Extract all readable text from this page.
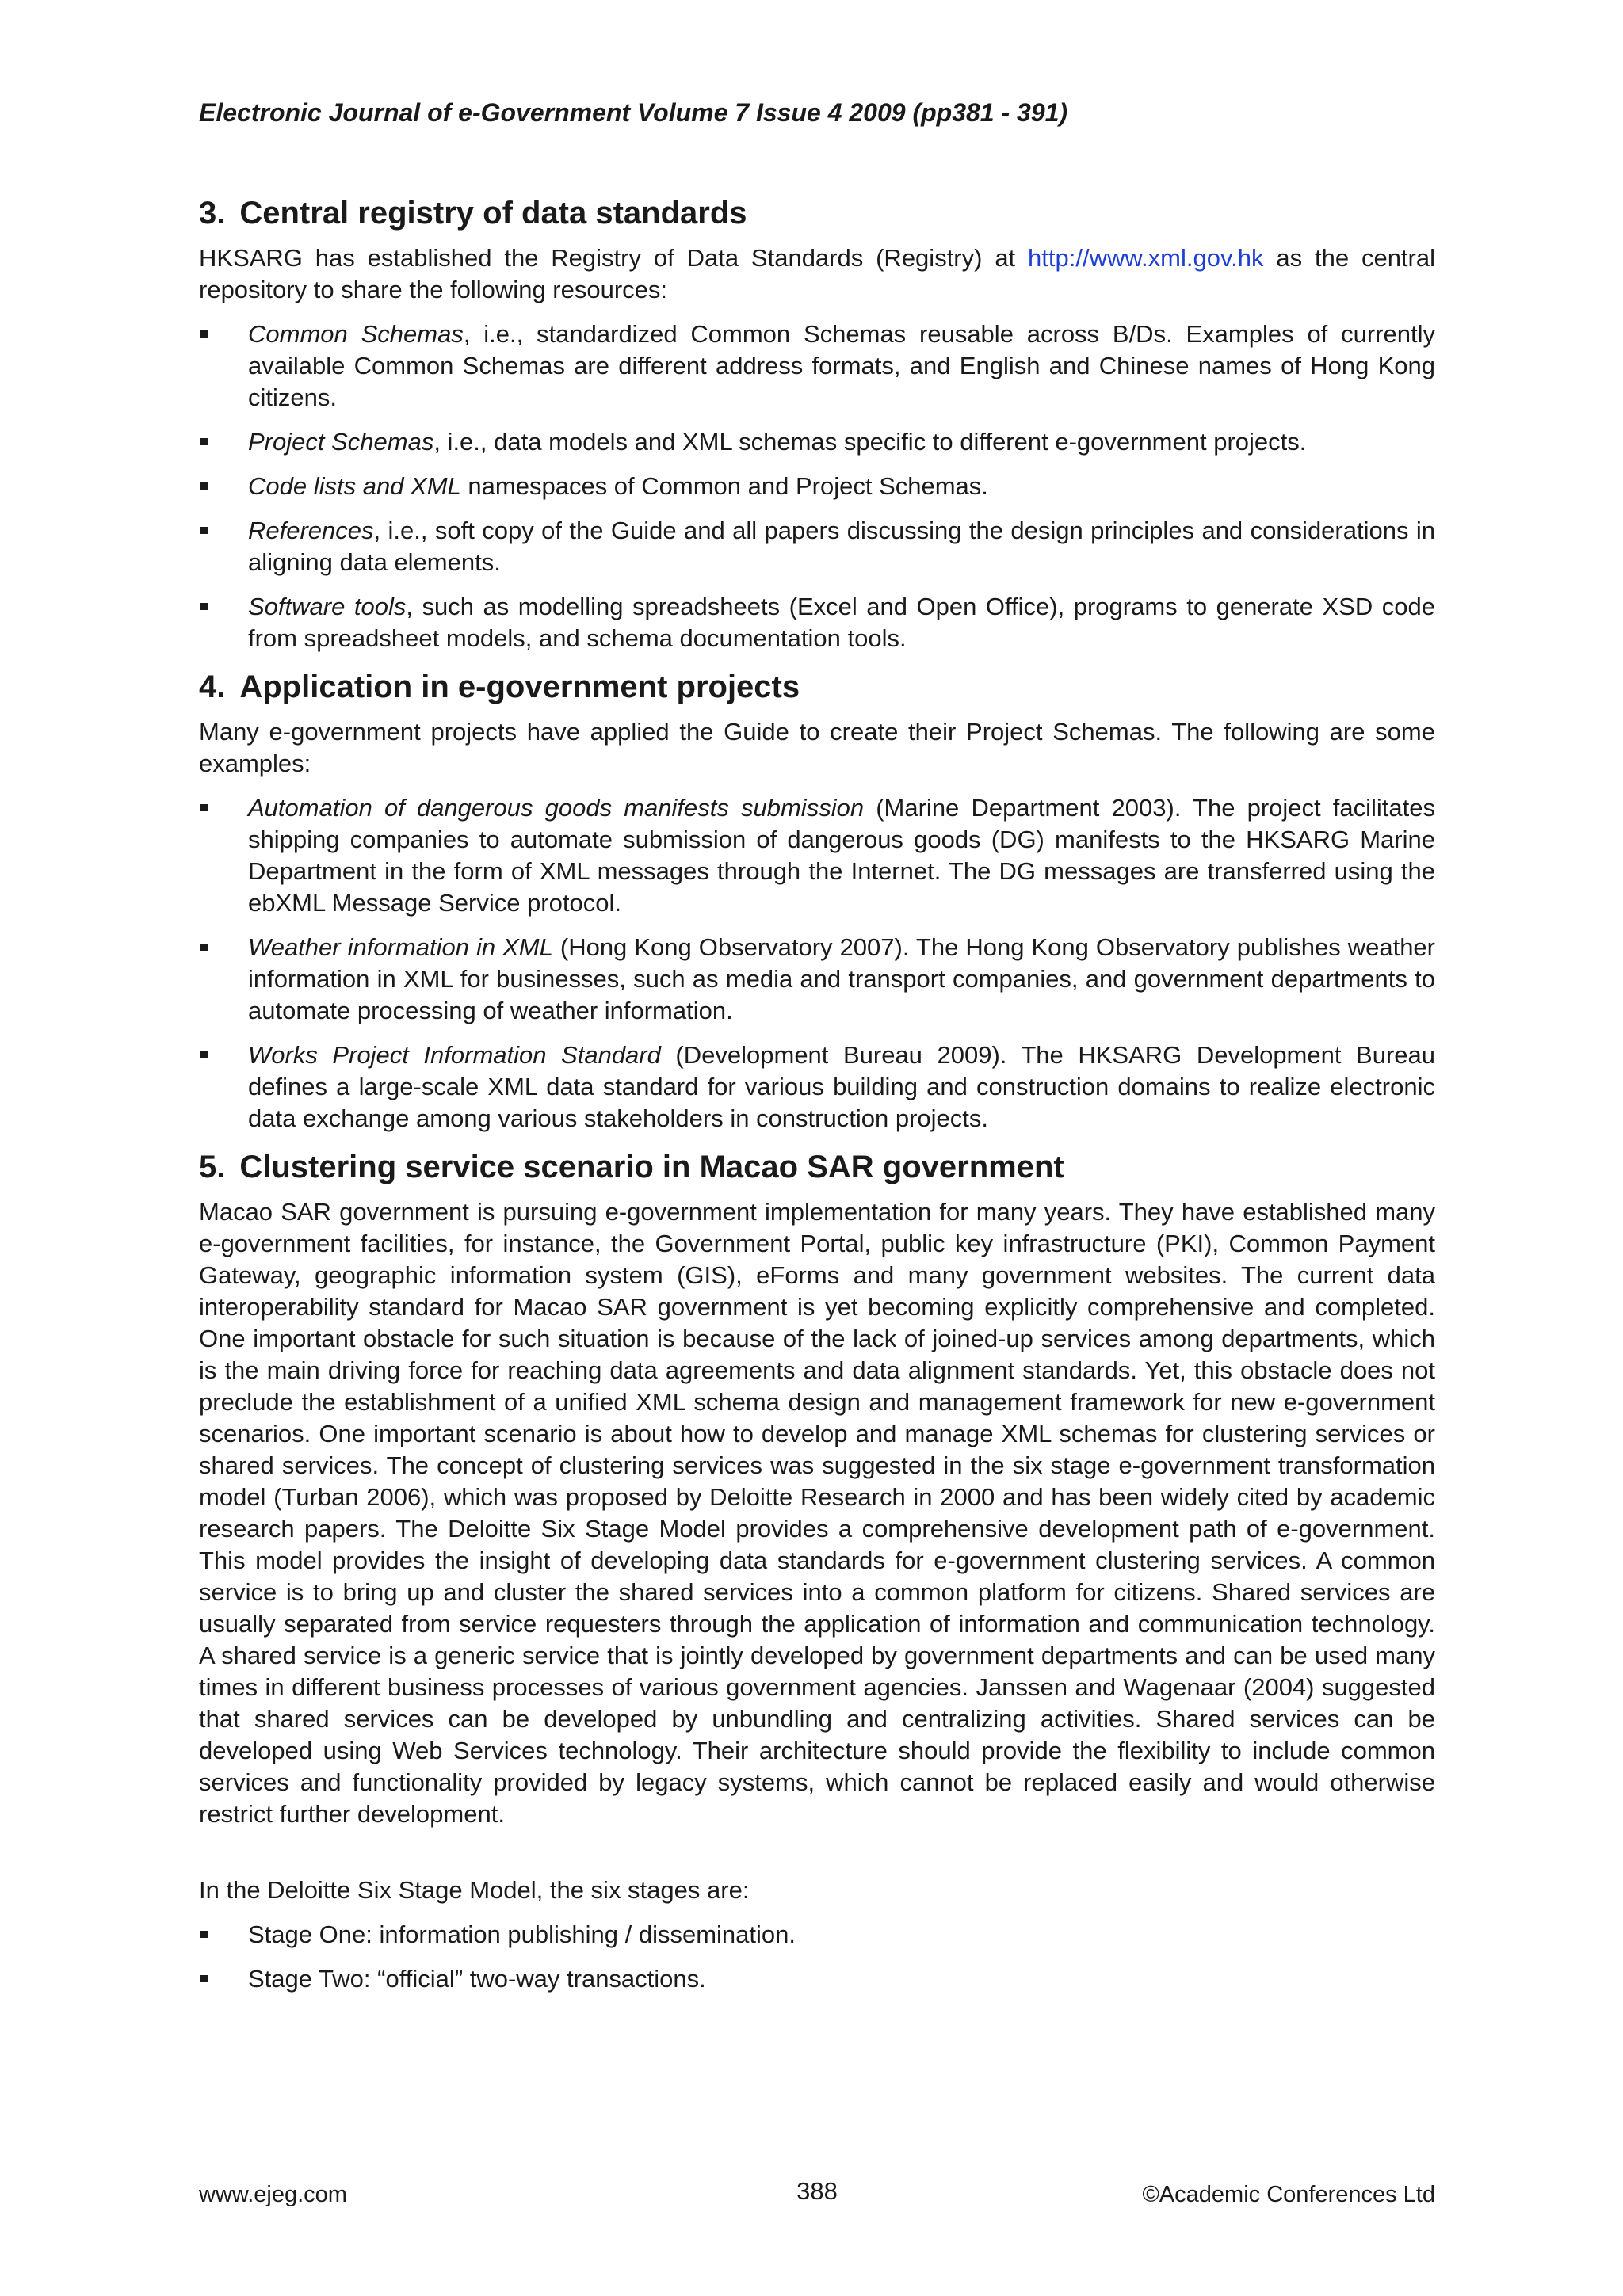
Electronic Journal of e-Government Volume 7 Issue 4 2009 (pp381 - 391)
3. Central registry of data standards

HKSARG has established the Registry of Data Standards (Registry) at http://www.xml.gov.hk as the central repository to share the following resources:

Common Schemas, i.e., standardized Common Schemas reusable across B/Ds. Examples of currently available Common Schemas are different address formats, and English and Chinese names of Hong Kong citizens.
Project Schemas, i.e., data models and XML schemas specific to different e-government projects.
Code lists and XML namespaces of Common and Project Schemas.
References, i.e., soft copy of the Guide and all papers discussing the design principles and considerations in aligning data elements.
Software tools, such as modelling spreadsheets (Excel and Open Office), programs to generate XSD code from spreadsheet models, and schema documentation tools.
4. Application in e-government projects

Many e-government projects have applied the Guide to create their Project Schemas. The following are some examples:

Automation of dangerous goods manifests submission (Marine Department 2003). The project facilitates shipping companies to automate submission of dangerous goods (DG) manifests to the HKSARG Marine Department in the form of XML messages through the Internet. The DG messages are transferred using the ebXML Message Service protocol.
Weather information in XML (Hong Kong Observatory 2007). The Hong Kong Observatory publishes weather information in XML for businesses, such as media and transport companies, and government departments to automate processing of weather information.
Works Project Information Standard (Development Bureau 2009). The HKSARG Development Bureau defines a large-scale XML data standard for various building and construction domains to realize electronic data exchange among various stakeholders in construction projects.
5. Clustering service scenario in Macao SAR government

Macao SAR government is pursuing e-government implementation for many years. They have established many e-government facilities, for instance, the Government Portal, public key infrastructure (PKI), Common Payment Gateway, geographic information system (GIS), eForms and many government websites. The current data interoperability standard for Macao SAR government is yet becoming explicitly comprehensive and completed. One important obstacle for such situation is because of the lack of joined-up services among departments, which is the main driving force for reaching data agreements and data alignment standards. Yet, this obstacle does not preclude the establishment of a unified XML schema design and management framework for new e-government scenarios. One important scenario is about how to develop and manage XML schemas for clustering services or shared services. The concept of clustering services was suggested in the six stage e-government transformation model (Turban 2006), which was proposed by Deloitte Research in 2000 and has been widely cited by academic research papers. The Deloitte Six Stage Model provides a comprehensive development path of e-government. This model provides the insight of developing data standards for e-government clustering services. A common service is to bring up and cluster the shared services into a common platform for citizens. Shared services are usually separated from service requesters through the application of information and communication technology. A shared service is a generic service that is jointly developed by government departments and can be used many times in different business processes of various government agencies. Janssen and Wagenaar (2004) suggested that shared services can be developed by unbundling and centralizing activities. Shared services can be developed using Web Services technology. Their architecture should provide the flexibility to include common services and functionality provided by legacy systems, which cannot be replaced easily and would otherwise restrict further development.

In the Deloitte Six Stage Model, the six stages are:

Stage One: information publishing / dissemination.
Stage Two: “official” two-way transactions.
www.ejeg.com	388	©Academic Conferences Ltd
